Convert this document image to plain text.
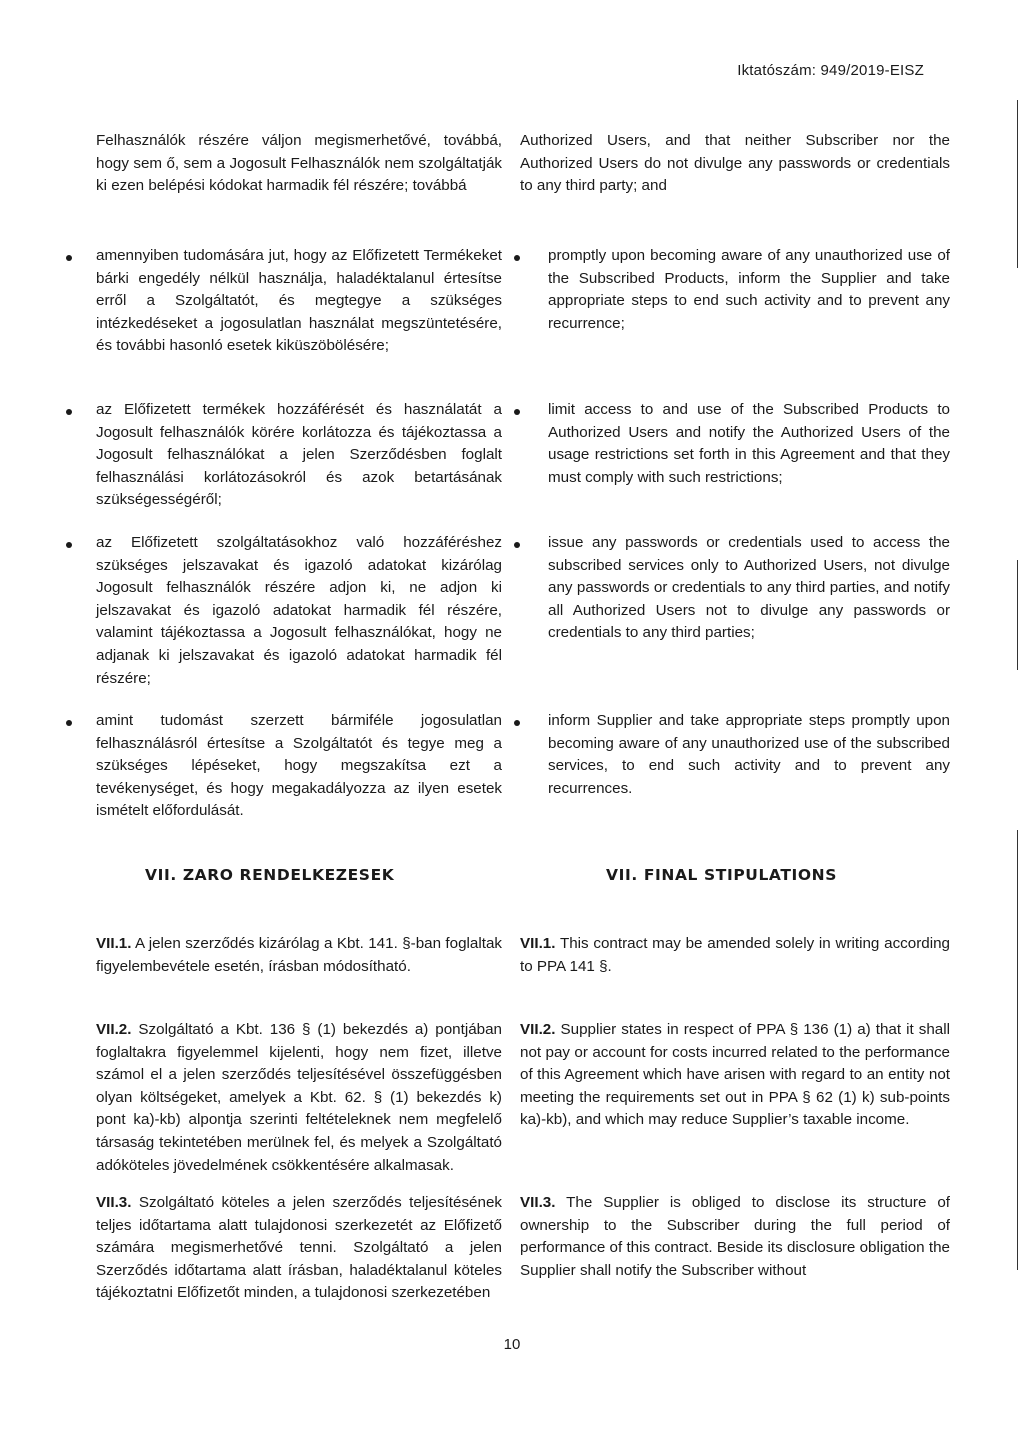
Iktatószám: 949/2019-EISZ

Felhasználók részére váljon megismerhetővé, továbbá, hogy sem ő, sem a Jogosult Felhasználók nem szolgáltatják ki ezen belépési kódokat harmadik fél részére; továbbá

Authorized Users, and that neither Subscriber nor the Authorized Users do not divulge any passwords or credentials to any third party; and

amennyiben tudomására jut, hogy az Előfizetett Termékeket bárki engedély nélkül használja, haladéktalanul értesítse erről a Szolgáltatót, és megtegye a szükséges intézkedéseket a jogosulatlan használat megszüntetésére, és további hasonló esetek kiküszöbölésére;

promptly upon becoming aware of any unauthorized use of the Subscribed Products, inform the Supplier and take appropriate steps to end such activity and to prevent any recurrence;

az Előfizetett termékek hozzáférését és használatát a Jogosult felhasználók körére korlátozza és tájékoztassa a Jogosult felhasználókat a jelen Szerződésben foglalt felhasználási korlátozásokról és azok betartásának szükségességéről;

limit access to and use of the Subscribed Products to Authorized Users and notify the Authorized Users of the usage restrictions set forth in this Agreement and that they must comply with such restrictions;

az Előfizetett szolgáltatásokhoz való hozzáféréshez szükséges jelszavakat és igazoló adatokat kizárólag Jogosult felhasználók részére adjon ki, ne adjon ki jelszavakat és igazoló adatokat harmadik fél részére, valamint tájékoztassa a Jogosult felhasználókat, hogy ne adjanak ki jelszavakat és igazoló adatokat harmadik fél részére;

issue any passwords or credentials used to access the subscribed services only to Authorized Users, not divulge any passwords or credentials to any third parties, and notify all Authorized Users not to divulge any passwords or credentials to any third parties;

amint tudomást szerzett bármiféle jogosulatlan felhasználásról értesítse a Szolgáltatót és tegye meg a szükséges lépéseket, hogy megszakítsa ezt a tevékenységet, és hogy megakadályozza az ilyen esetek ismételt előfordulását.

inform Supplier and take appropriate steps promptly upon becoming aware of any unauthorized use of the subscribed services, to end such activity and to prevent any recurrences.

VII. ZARO RENDELKEZESEK	VII. FINAL STIPULATIONS

VII.1. A jelen szerződés kizárólag a Kbt. 141. §-ban foglaltak figyelembevétele esetén, írásban módosítható.

VII.1. This contract may be amended solely in writing according to PPA 141 §.

VII.2. Szolgáltató a Kbt. 136 § (1) bekezdés a) pontjában foglaltakra figyelemmel kijelenti, hogy nem fizet, illetve számol el a jelen szerződés teljesítésével összefüggésben olyan költségeket, amelyek a Kbt. 62. § (1) bekezdés k) pont ka)-kb) alpontja szerinti feltételeknek nem megfelelő társaság tekintetében merülnek fel, és melyek a Szolgáltató adóköteles jövedelmének csökkentésére alkalmasak.

VII.2. Supplier states in respect of PPA § 136 (1) a) that it shall not pay or account for costs incurred related to the performance of this Agreement which have arisen with regard to an entity not meeting the requirements set out in PPA § 62 (1) k) sub-points ka)-kb), and which may reduce Supplier’s taxable income.

VII.3. Szolgáltató köteles a jelen szerződés teljesítésének teljes időtartama alatt tulajdonosi szerkezetét az Előfizető számára megismerhetővé tenni. Szolgáltató a jelen Szerződés időtartama alatt írásban, haladéktalanul köteles tájékoztatni Előfizetőt minden, a tulajdonosi szerkezetében

VII.3. The Supplier is obliged to disclose its structure of ownership to the Subscriber during the full period of performance of this contract. Beside its disclosure obligation the Supplier shall notify the Subscriber without

10
